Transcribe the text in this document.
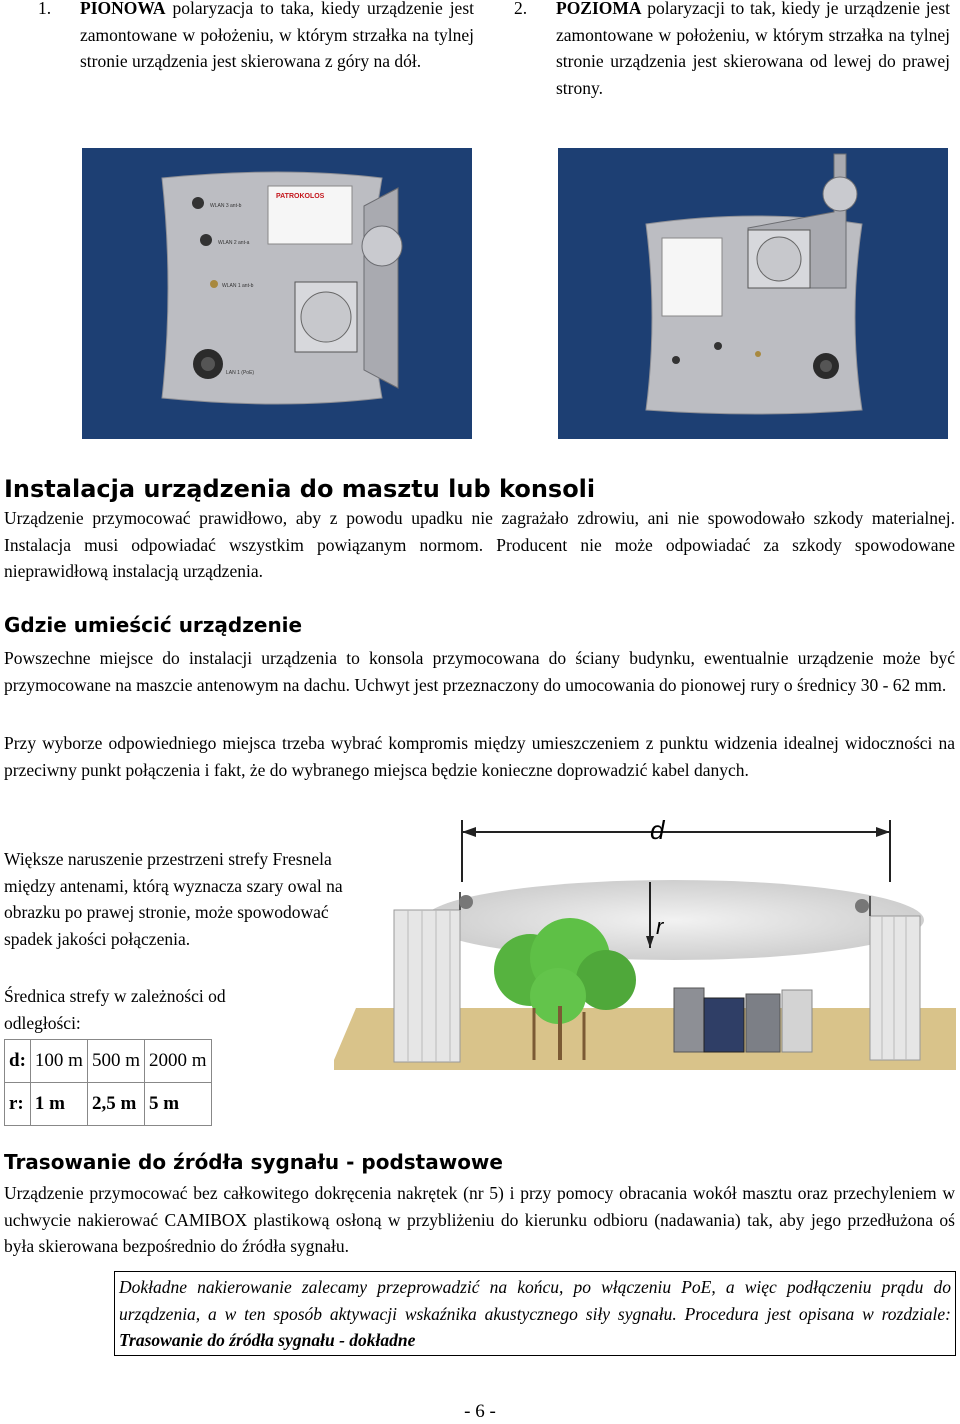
1. PIONOWA polaryzacja to taka, kiedy urządzenie jest zamontowane w położeniu, w którym strzałka na tylnej stronie urządzenia jest skierowana z góry na dół.
2. POZIOMA polaryzacji to tak, kiedy je urządzenie jest zamontowane w położeniu, w którym strzałka na tylnej stronie urządzenia jest skierowana od lewej do prawej strony.
PATROKOLOS
WLAN 3 ant-b
WLAN 2 ant-a
WLAN 1 ant-b
LAN 1 (PoE)
Instalacja urządzenia do masztu lub konsoli
Urządzenie przymocować prawidłowo, aby z powodu upadku nie zagrażało zdrowiu, ani nie spowodowało szkody materialnej. Instalacja musi odpowiadać wszystkim powiązanym normom. Producent nie może odpowiadać za szkody spowodowane nieprawidłową instalacją urządzenia.
Gdzie umieścić urządzenie
Powszechne miejsce do instalacji urządzenia to konsola przymocowana do ściany budynku, ewentualnie urządzenie może być przymocowane na maszcie antenowym na dachu. Uchwyt jest przeznaczony do umocowania do pionowej rury o średnicy 30 - 62 mm.
Przy wyborze odpowiedniego miejsca trzeba wybrać kompromis między umieszczeniem z punktu widzenia idealnej widoczności na przeciwny punkt połączenia i fakt, że do wybranego miejsca będzie konieczne doprowadzić kabel danych.
Większe naruszenie przestrzeni strefy Fresnela między antenami, którą wyznacza szary owal na obrazku po prawej stronie, może spowodować spadek jakości połączenia.
Średnica strefy w zależności od odległości:
d:	100 m	500 m	2000 m
r:	1 m	2,5 m	5 m
d
r
Trasowanie do źródła sygnału - podstawowe
Urządzenie przymocować bez całkowitego dokręcenia nakrętek (nr 5) i przy pomocy obracania wokół masztu oraz przechyleniem w uchwycie nakierować CAMIBOX plastikową osłoną w przybliżeniu do kierunku odbioru (nadawania) tak, aby jego przedłużona oś była skierowana bezpośrednio do źródła sygnału.
Dokładne nakierowanie zalecamy przeprowadzić na końcu, po włączeniu PoE, a więc podłączeniu prądu do urządzenia, a w ten sposób aktywacji wskaźnika akustycznego siły sygnału. Procedura jest opisana w rozdziale: Trasowanie do źródła sygnału - dokładne
- 6 -
